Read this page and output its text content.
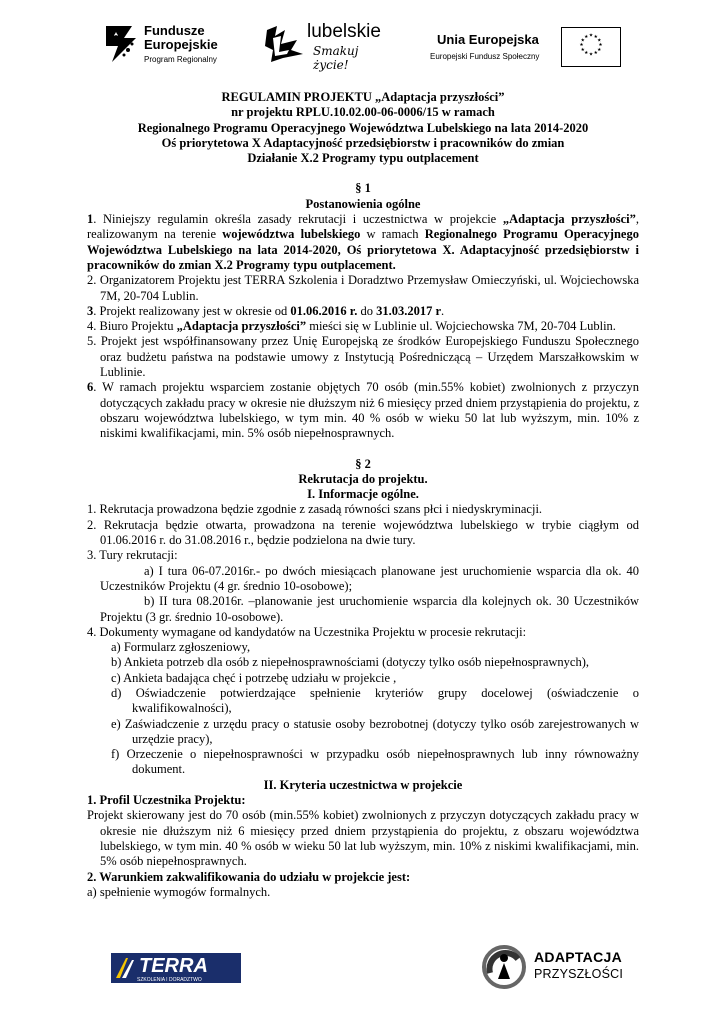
Fundusze
Europejskie
Program Regionalny
lubelskie
Smakuj życie!
Unia Europejska
Europejski Fundusz Społeczny
★ ★
★
★
★
★
★
★
★
★
★
★
REGULAMIN PROJEKTU „Adaptacja przyszłości”
nr projektu RPLU.10.02.00-06-0006/15 w ramach
Regionalnego Programu Operacyjnego Województwa Lubelskiego na lata 2014-2020
Oś priorytetowa X Adaptacyjność przedsiębiorstw i pracowników do zmian
Działanie X.2 Programy typu outplacement
§ 1
Postanowienia ogólne

1. Niniejszy regulamin określa zasady rekrutacji i uczestnictwa w projekcie „Adaptacja przyszłości”, realizowanym na terenie województwa lubelskiego w ramach Regionalnego Programu Operacyjnego Województwa Lubelskiego na lata 2014-2020, Oś priorytetowa X. Adaptacyjność przedsiębiorstw i pracowników do zmian X.2 Programy typu outplacement.

2. Organizatorem Projektu jest TERRA Szkolenia i Doradztwo Przemysław Omieczyński, ul. Wojciechowska 7M, 20-704 Lublin.

3. Projekt realizowany jest w okresie od 01.06.2016 r. do 31.03.2017 r.

4. Biuro Projektu „Adaptacja przyszłości” mieści się w Lublinie ul. Wojciechowska 7M, 20-704 Lublin.

5. Projekt jest współfinansowany przez Unię Europejską ze środków Europejskiego Funduszu Społecznego oraz budżetu państwa na podstawie umowy z Instytucją Pośredniczącą – Urzędem Marszałkowskim w Lublinie.

6. W ramach projektu wsparciem zostanie objętych 70 osób (min.55% kobiet) zwolnionych z przyczyn dotyczących zakładu pracy w okresie nie dłuższym niż 6 miesięcy przed dniem przystąpienia do projektu, z obszaru województwa lubelskiego, w tym min. 40 % osób w wieku 50 lat lub wyższym, min. 10% z niskimi kwalifikacjami, min. 5% osób niepełnosprawnych.

§ 2
Rekrutacja do projektu.
I. Informacje ogólne.

1. Rekrutacja prowadzona będzie zgodnie z zasadą równości szans płci i niedyskryminacji.

2. Rekrutacja będzie otwarta, prowadzona na terenie województwa lubelskiego w trybie ciągłym od 01.06.2016 r. do 31.08.2016 r., będzie podzielona na dwie tury.

3. Tury rekrutacji:

a) I tura 06-07.2016r.- po dwóch miesiącach planowane jest uruchomienie wsparcia dla ok. 40 Uczestników Projektu (4 gr. średnio 10-osobowe);

b) II tura 08.2016r. –planowanie jest uruchomienie wsparcia dla kolejnych ok. 30 Uczestników Projektu (3 gr. średnio 10-osobowe).

4. Dokumenty wymagane od kandydatów na Uczestnika Projektu w procesie rekrutacji:

a) Formularz zgłoszeniowy,

b) Ankieta potrzeb dla osób z niepełnosprawnościami (dotyczy tylko osób niepełnosprawnych),

c) Ankieta badająca chęć i potrzebę udziału w projekcie ,

d) Oświadczenie potwierdzające spełnienie kryteriów grupy docelowej (oświadczenie o kwalifikowalności),

e) Zaświadczenie z urzędu pracy o statusie osoby bezrobotnej (dotyczy tylko osób zarejestrowanych w urzędzie pracy),

f) Orzeczenie o niepełnosprawności w przypadku osób niepełnosprawnych lub inny równoważny dokument.

II. Kryteria uczestnictwa w projekcie
1. Profil Uczestnika Projektu:

Projekt skierowany jest do 70 osób (min.55% kobiet) zwolnionych z przyczyn dotyczących zakładu pracy w okresie nie dłuższym niż 6 miesięcy przed dniem przystąpienia do projektu, z obszaru województwa lubelskiego, w tym min. 40 % osób w wieku 50 lat lub wyższym, min. 10% z niskimi kwalifikacjami, min. 5% osób niepełnosprawnych.

2. Warunkiem zakwalifikowania do udziału w projekcie jest:
a) spełnienie wymogów formalnych.
TERRA
SZKOLENIA I DORADZTWO
ADAPTACJA
PRZYSZŁOŚCI
